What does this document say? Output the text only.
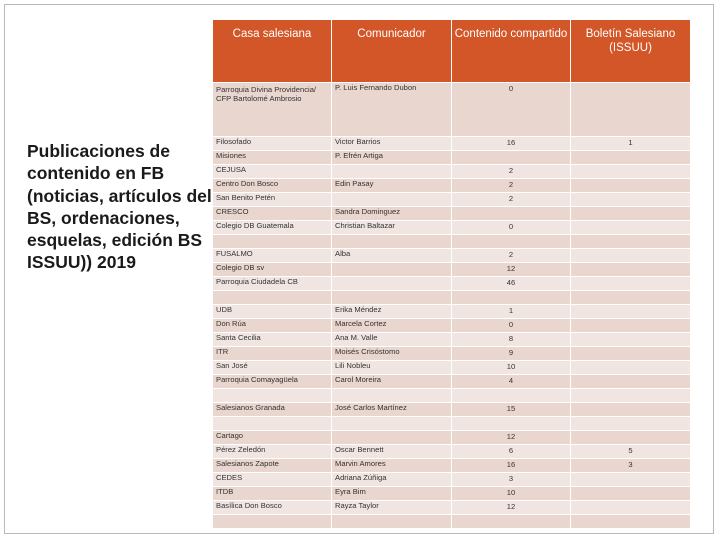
Publicaciones de contenido en FB (noticias, artículos del BS, ordenaciones, esquelas, edición BS ISSUU)) 2019
Casa salesiana	Comunicador	Contenido compartido	Boletín Salesiano (ISSUU)
Parroquia Divina Providencia/ CFP Bartolomé Ambrosio	P. Luis Fernando Dubon	0	
Filosofado	Victor Barrios	16	1
Misiones	P. Efrén Artiga		
CEJUSA		2	
Centro Don Bosco	Edin Pasay	2	
San Benito Petén		2	
CRESCO	Sandra Dominguez		
Colegio DB Guatemala	Christian Baltazar	0	

FUSALMO	Alba	2	
Colegio DB sv		12	
Parroquia Ciudadela CB		46	

UDB	Erika Méndez	1	
Don Rúa	Marcela Cortez	0	
Santa Cecilia	Ana M. Valle	8	
ITR	Moisés Crisóstomo	9	
San José	Lili Nobleu	10	
Parroquia Comayagüela	Carol Moreira	4	

Salesianos Granada	José Carlos Martínez	15	

Cartago		12	
Pérez Zeledón	Oscar Bennett	6	5
Salesianos Zapote	Marvin Amores	16	3
CEDES	Adriana Zúñiga	3	
ITDB	Eyra Bim	10	
Basílica Don Bosco	Rayza Taylor	12	
